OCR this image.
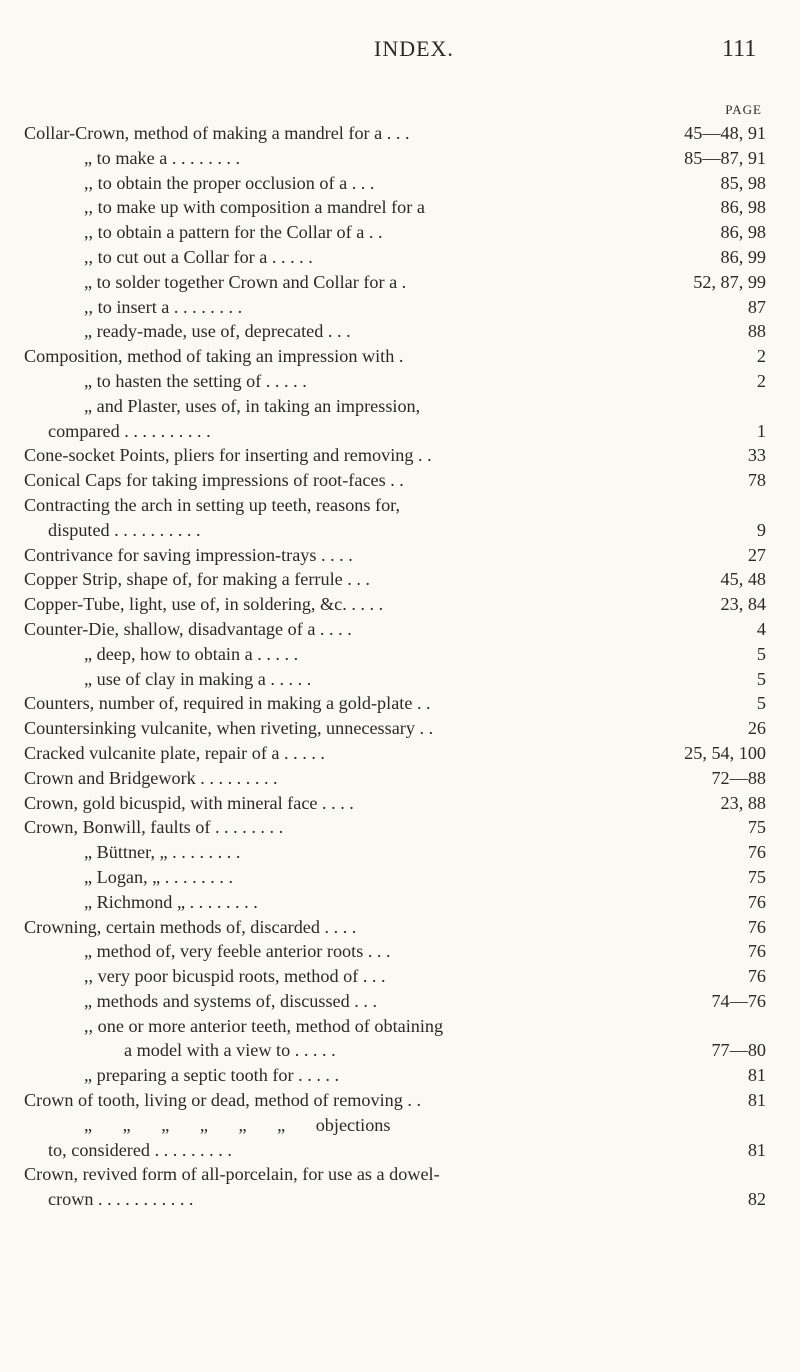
INDEX.	111
PAGE
Collar-Crown, method of making a mandrel for a . . .	45—48, 91
„ to make a . . . . . . . .	85—87, 91
,, to obtain the proper occlusion of a . . .	85, 98
,, to make up with composition a mandrel for a	86, 98
,, to obtain a pattern for the Collar of a . .	86, 98
,, to cut out a Collar for a . . . . .	86, 99
„ to solder together Crown and Collar for a .	52, 87, 99
,, to insert a . . . . . . . .	87
„ ready-made, use of, deprecated . . .	88
Composition, method of taking an impression with .	2
„ to hasten the setting of . . . . .	2
„ and Plaster, uses of, in taking an impression,
compared . . . . . . . . . .	1
Cone-socket Points, pliers for inserting and removing . .	33
Conical Caps for taking impressions of root-faces . .	78
Contracting the arch in setting up teeth, reasons for,
disputed . . . . . . . . . .	9
Contrivance for saving impression-trays . . . .	27
Copper Strip, shape of, for making a ferrule . . .	45, 48
Copper-Tube, light, use of, in soldering, &c. . . . .	23, 84
Counter-Die, shallow, disadvantage of a . . . .	4
„ deep, how to obtain a . . . . .	5
„ use of clay in making a . . . . .	5
Counters, number of, required in making a gold-plate . .	5
Countersinking vulcanite, when riveting, unnecessary . .	26
Cracked vulcanite plate, repair of a . . . . .	25, 54, 100
Crown and Bridgework . . . . . . . . .	72—88
Crown, gold bicuspid, with mineral face . . . .	23, 88
Crown, Bonwill, faults of . . . . . . . .	75
„ Büttner, „ . . . . . . . .	76
„ Logan, „ . . . . . . . .	75
„ Richmond „ . . . . . . . .	76
Crowning, certain methods of, discarded . . . .	76
„ method of, very feeble anterior roots . . .	76
,, very poor bicuspid roots, method of . . .	76
„ methods and systems of, discussed . . .	74—76
,, one or more anterior teeth, method of obtaining
a model with a view to . . . . .	77—80
„ preparing a septic tooth for . . . . .	81
Crown of tooth, living or dead, method of removing . .	81
„ „ „ „ „ „ objections
to, considered . . . . . . . . .	81
Crown, revived form of all-porcelain, for use as a dowel-
crown . . . . . . . . . . .	82
